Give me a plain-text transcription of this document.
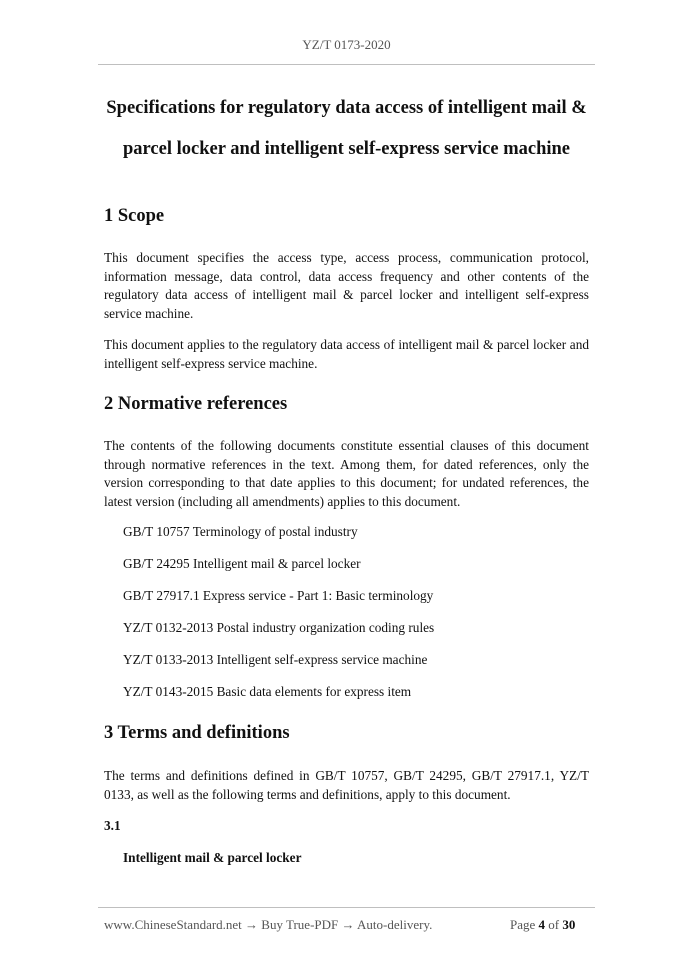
YZ/T 0173-2020
Specifications for regulatory data access of intelligent mail &
parcel locker and intelligent self-express service machine
1 Scope

This document specifies the access type, access process, communication protocol, information message, data control, data access frequency and other contents of the regulatory data access of intelligent mail & parcel locker and intelligent self-express service machine.

This document applies to the regulatory data access of intelligent mail & parcel locker and intelligent self-express service machine.

2 Normative references

The contents of the following documents constitute essential clauses of this document through normative references in the text. Among them, for dated references, only the version corresponding to that date applies to this document; for undated references, the latest version (including all amendments) applies to this document.

GB/T 10757 Terminology of postal industry

GB/T 24295 Intelligent mail & parcel locker

GB/T 27917.1 Express service - Part 1: Basic terminology

YZ/T 0132-2013 Postal industry organization coding rules

YZ/T 0133-2013 Intelligent self-express service machine

YZ/T 0143-2015 Basic data elements for express item

3 Terms and definitions

The terms and definitions defined in GB/T 10757, GB/T 24295, GB/T 27917.1, YZ/T 0133, as well as the following terms and definitions, apply to this document.

3.1

Intelligent mail & parcel locker

www.ChineseStandard.net → Buy True-PDF → Auto-delivery.	Page 4 of 30
